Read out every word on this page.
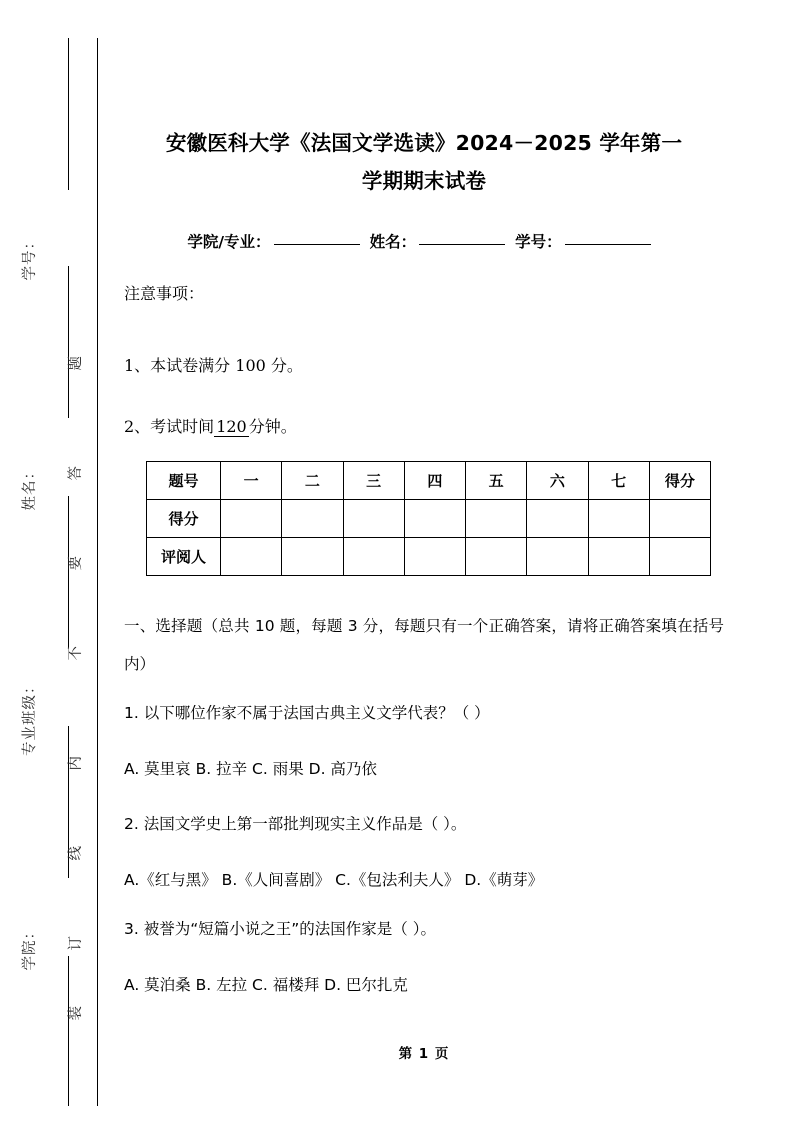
学号：
姓名：
专业班级：
学院：
题
答
要
不
内
线
订
装
安徽医科大学《法国文学选读》2024－2025 学年第一
学期期末试卷
学院/专业：	姓名：	学号：
注意事项：
1、本试卷满分 100 分。
2、考试时间 120 分钟。
题号	一	二	三	四	五	六	七	得分
得分								
评阅人								
一、选择题（总共 10 题，每题 3 分，每题只有一个正确答案，请将正确答案填在括号内）
1. 以下哪位作家不属于法国古典主义文学代表？（ ）
A. 莫里哀 B. 拉辛 C. 雨果 D. 高乃依
2. 法国文学史上第一部批判现实主义作品是（ ）。
A.《红与黑》 B.《人间喜剧》 C.《包法利夫人》 D.《萌芽》
3. 被誉为“短篇小说之王”的法国作家是（ ）。
A. 莫泊桑 B. 左拉 C. 福楼拜 D. 巴尔扎克
第 1 页
